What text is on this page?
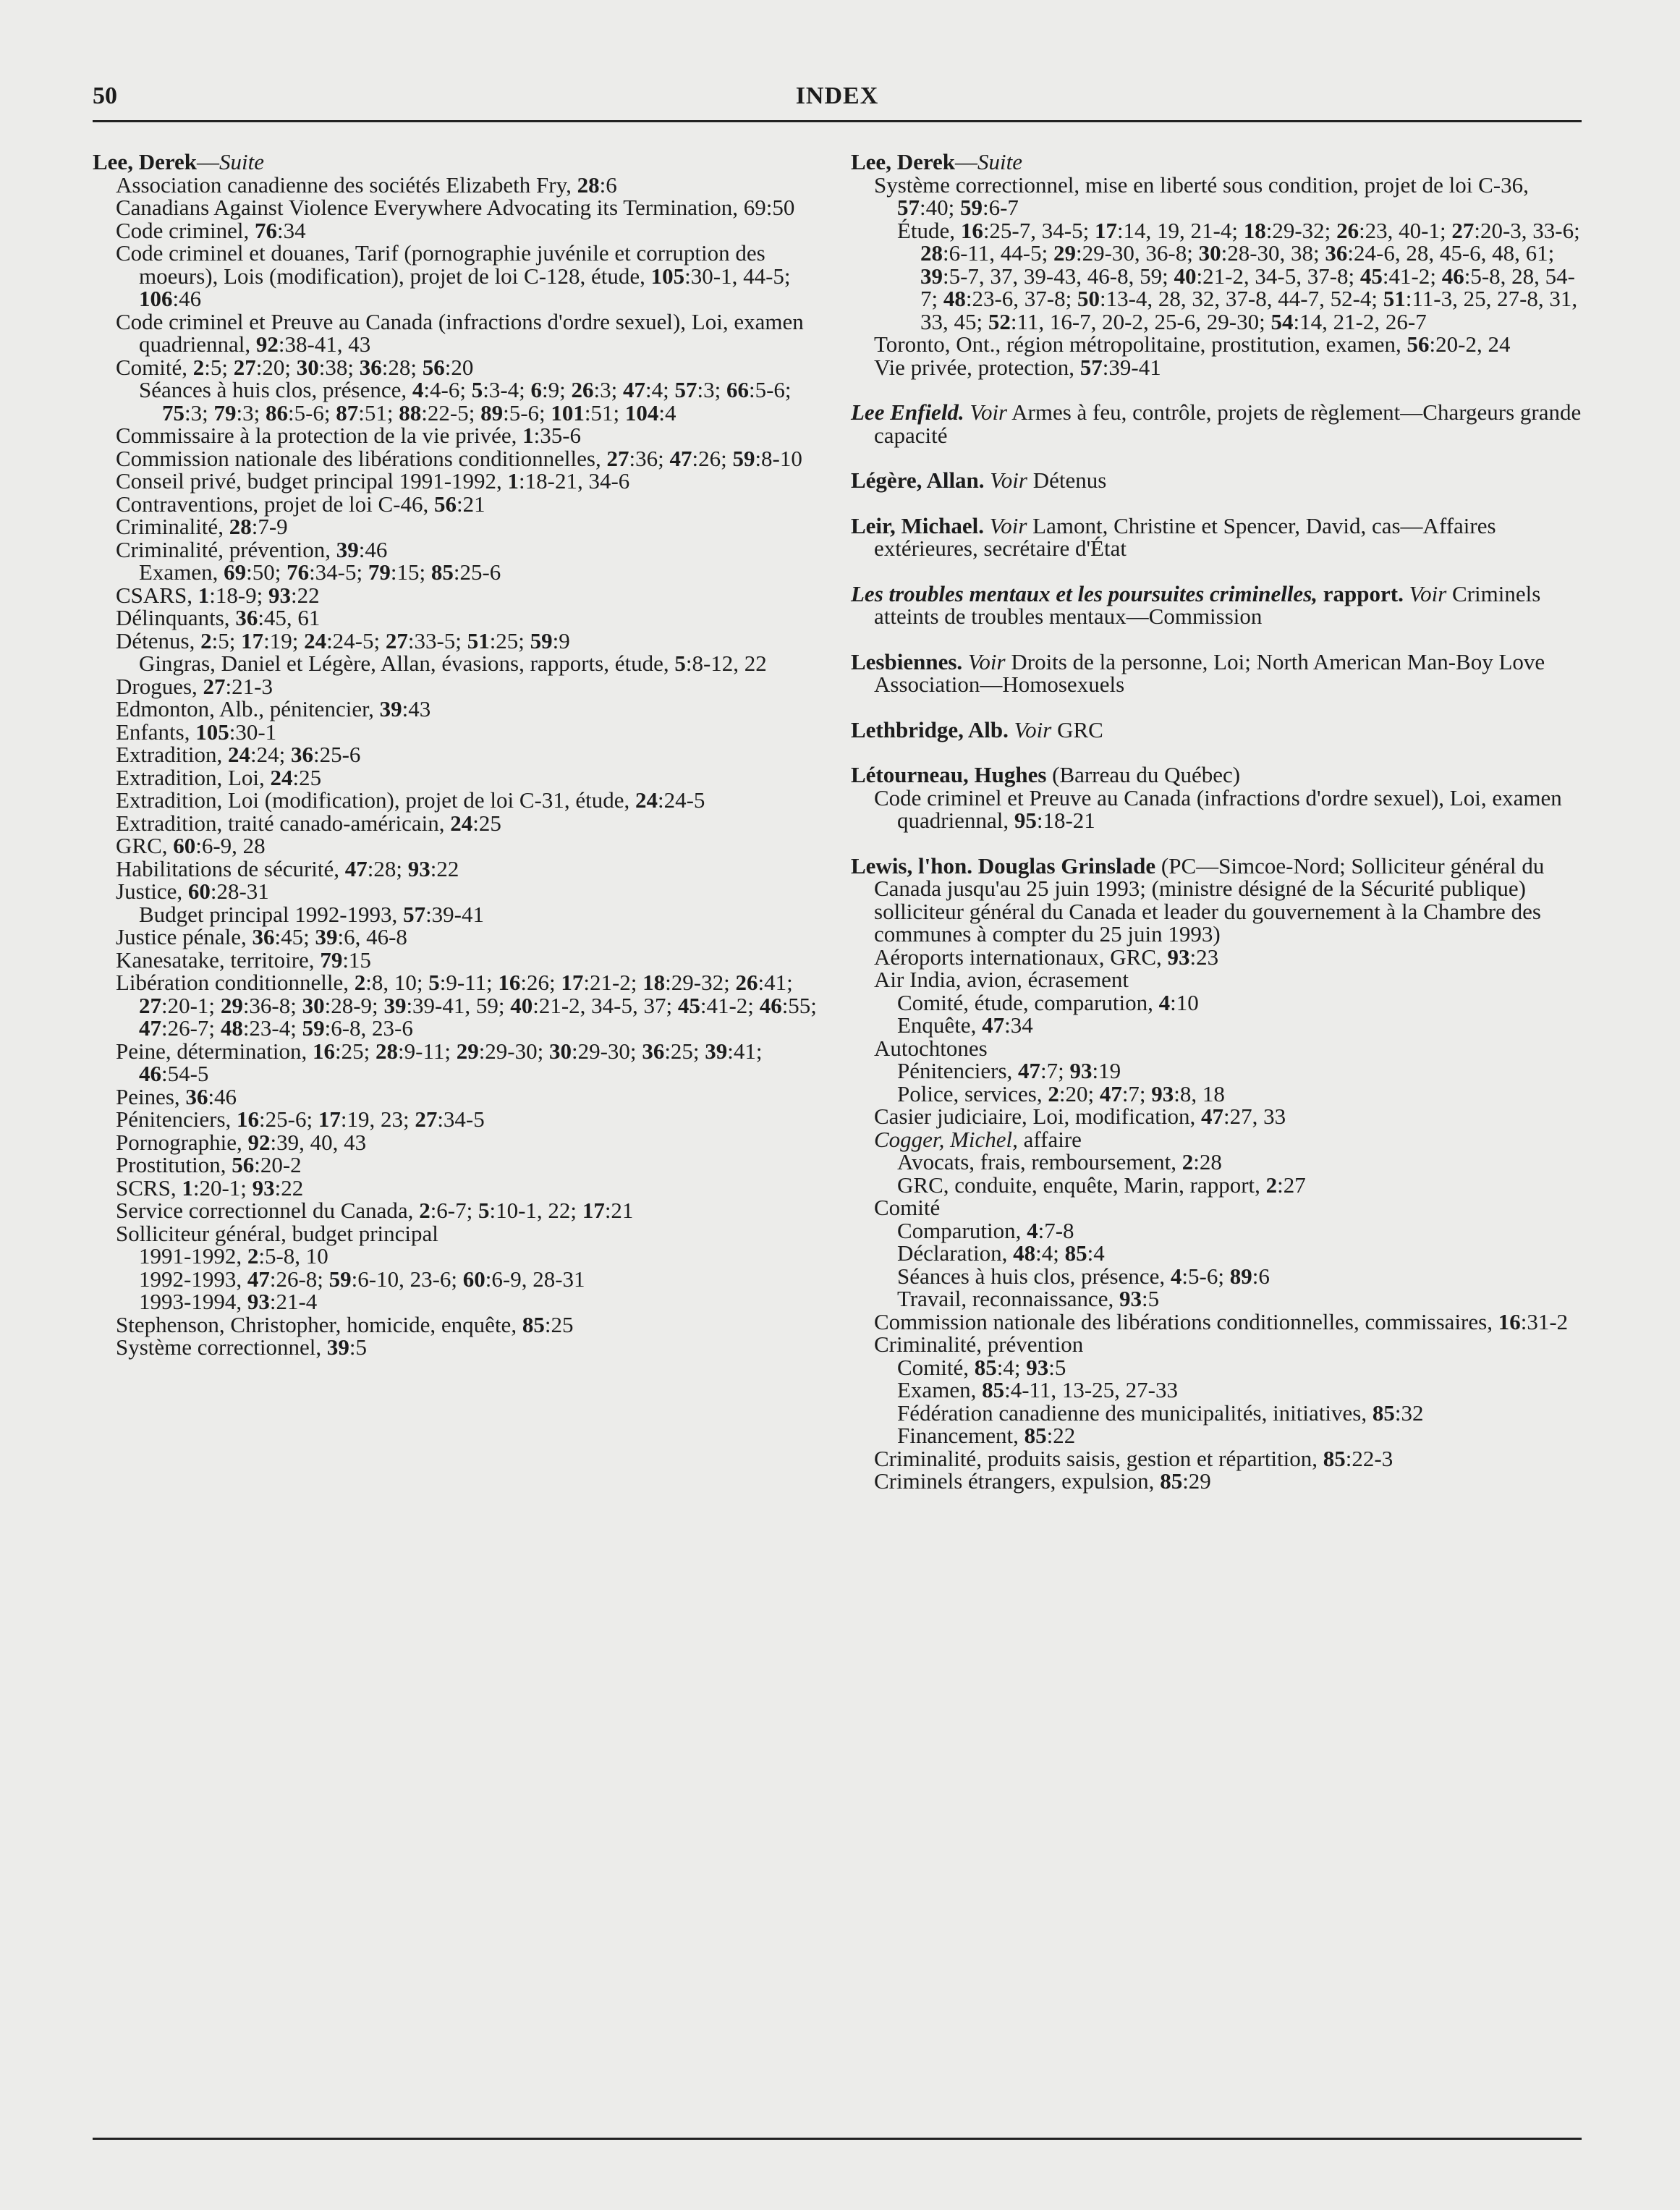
50	INDEX
Lee, Derek—Suite
Association canadienne des sociétés Elizabeth Fry, 28:6
Canadians Against Violence Everywhere Advocating its Termination, 69:50
Code criminel, 76:34
Code criminel et douanes, Tarif (pornographie juvénile et corruption des moeurs), Lois (modification), projet de loi C-128, étude, 105:30-1, 44-5; 106:46
Code criminel et Preuve au Canada (infractions d'ordre sexuel), Loi, examen quadriennal, 92:38-41, 43
Comité, 2:5; 27:20; 30:38; 36:28; 56:20
Séances à huis clos, présence, 4:4-6; 5:3-4; 6:9; 26:3; 47:4; 57:3; 66:5-6; 75:3; 79:3; 86:5-6; 87:51; 88:22-5; 89:5-6; 101:51; 104:4
Commissaire à la protection de la vie privée, 1:35-6
Commission nationale des libérations conditionnelles, 27:36; 47:26; 59:8-10
Conseil privé, budget principal 1991-1992, 1:18-21, 34-6
Contraventions, projet de loi C-46, 56:21
Criminalité, 28:7-9
Criminalité, prévention, 39:46
Examen, 69:50; 76:34-5; 79:15; 85:25-6
CSARS, 1:18-9; 93:22
Délinquants, 36:45, 61
Détenus, 2:5; 17:19; 24:24-5; 27:33-5; 51:25; 59:9
Gingras, Daniel et Légère, Allan, évasions, rapports, étude, 5:8-12, 22
Drogues, 27:21-3
Edmonton, Alb., pénitencier, 39:43
Enfants, 105:30-1
Extradition, 24:24; 36:25-6
Extradition, Loi, 24:25
Extradition, Loi (modification), projet de loi C-31, étude, 24:24-5
Extradition, traité canado-américain, 24:25
GRC, 60:6-9, 28
Habilitations de sécurité, 47:28; 93:22
Justice, 60:28-31
Budget principal 1992-1993, 57:39-41
Justice pénale, 36:45; 39:6, 46-8
Kanesatake, territoire, 79:15
Libération conditionnelle, 2:8, 10; 5:9-11; 16:26; 17:21-2; 18:29-32; 26:41; 27:20-1; 29:36-8; 30:28-9; 39:39-41, 59; 40:21-2, 34-5, 37; 45:41-2; 46:55; 47:26-7; 48:23-4; 59:6-8, 23-6
Peine, détermination, 16:25; 28:9-11; 29:29-30; 30:29-30; 36:25; 39:41; 46:54-5
Peines, 36:46
Pénitenciers, 16:25-6; 17:19, 23; 27:34-5
Pornographie, 92:39, 40, 43
Prostitution, 56:20-2
SCRS, 1:20-1; 93:22
Service correctionnel du Canada, 2:6-7; 5:10-1, 22; 17:21
Solliciteur général, budget principal
1991-1992, 2:5-8, 10
1992-1993, 47:26-8; 59:6-10, 23-6; 60:6-9, 28-31
1993-1994, 93:21-4
Stephenson, Christopher, homicide, enquête, 85:25
Système correctionnel, 39:5
Lee, Derek—Suite
Système correctionnel, mise en liberté sous condition, projet de loi C-36, 57:40; 59:6-7
Étude, 16:25-7, 34-5; 17:14, 19, 21-4; 18:29-32; 26:23, 40-1; 27:20-3, 33-6; 28:6-11, 44-5; 29:29-30, 36-8; 30:28-30, 38; 36:24-6, 28, 45-6, 48, 61; 39:5-7, 37, 39-43, 46-8, 59; 40:21-2, 34-5, 37-8; 45:41-2; 46:5-8, 28, 54-7; 48:23-6, 37-8; 50:13-4, 28, 32, 37-8, 44-7, 52-4; 51:11-3, 25, 27-8, 31, 33, 45; 52:11, 16-7, 20-2, 25-6, 29-30; 54:14, 21-2, 26-7
Toronto, Ont., région métropolitaine, prostitution, examen, 56:20-2, 24
Vie privée, protection, 57:39-41
Lee Enfield. Voir Armes à feu, contrôle, projets de règlement—Chargeurs grande capacité
Légère, Allan. Voir Détenus
Leir, Michael. Voir Lamont, Christine et Spencer, David, cas—Affaires extérieures, secrétaire d'État
Les troubles mentaux et les poursuites criminelles, rapport. Voir Criminels atteints de troubles mentaux—Commission
Lesbiennes. Voir Droits de la personne, Loi; North American Man-Boy Love Association—Homosexuels
Lethbridge, Alb. Voir GRC
Létourneau, Hughes (Barreau du Québec)
Code criminel et Preuve au Canada (infractions d'ordre sexuel), Loi, examen quadriennal, 95:18-21
Lewis, l'hon. Douglas Grinslade (PC—Simcoe-Nord; Solliciteur général du Canada jusqu'au 25 juin 1993; (ministre désigné de la Sécurité publique) solliciteur général du Canada et leader du gouvernement à la Chambre des communes à compter du 25 juin 1993)
Aéroports internationaux, GRC, 93:23
Air India, avion, écrasement
Comité, étude, comparution, 4:10
Enquête, 47:34
Autochtones
Pénitenciers, 47:7; 93:19
Police, services, 2:20; 47:7; 93:8, 18
Casier judiciaire, Loi, modification, 47:27, 33
Cogger, Michel, affaire
Avocats, frais, remboursement, 2:28
GRC, conduite, enquête, Marin, rapport, 2:27
Comité
Comparution, 4:7-8
Déclaration, 48:4; 85:4
Séances à huis clos, présence, 4:5-6; 89:6
Travail, reconnaissance, 93:5
Commission nationale des libérations conditionnelles, commissaires, 16:31-2
Criminalité, prévention
Comité, 85:4; 93:5
Examen, 85:4-11, 13-25, 27-33
Fédération canadienne des municipalités, initiatives, 85:32
Financement, 85:22
Criminalité, produits saisis, gestion et répartition, 85:22-3
Criminels étrangers, expulsion, 85:29
